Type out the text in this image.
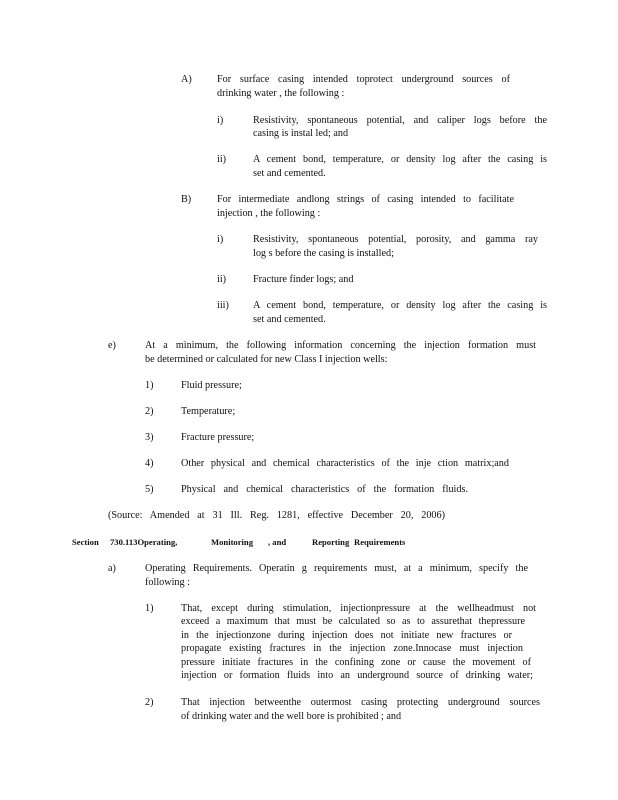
A) For surface casing intended toprotect underground sources of
drinking water , the following :
i)	Resistivity, spontaneous potential, and caliper logs before the
casing is instal led; and
ii)	A cement bond, temperature, or density log after the casing is
set and cemented.
B)	For intermediate andlong strings of casing intended to facilitate
injection , the following :
i)	Resistivity, spontaneous potential, porosity, and gamma ray
log s before the casing is installed;
ii)	Fracture finder logs; and
iii) A cement bond, temperature, or density log after the casing is
set and cemented.
e)	At a minimum, the following information concerning the injection formation must
be determined or calculated for new Class I injection wells:
1)	Fluid pressure;
2)	Temperature;
3)	Fracture pressure;
4)	Other physical and chemical characteristics of the inje ction matrix;and
5)	Physical and chemical characteristics of the formation fluids.
(Source: Amended at 31 Ill. Reg. 1281, effective December 20, 2006)
Section 730.113Operating,	Monitoring , and	Reporting Requirements
a)	Operating Requirements. Operatin g requirements must, at a minimum, specify the
following :
1)	That, except during stimulation, injectionpressure at the wellheadmust not
exceed a maximum that must be calculated so as to assurethat thepressure
in the injectionzone during injection does not initiate new fractures or
propagate existing fractures in the injection zone.Innocase must injection
pressure initiate fractures in the confining zone or cause the movement of
injection or formation fluids into an underground source of drinking water;
2)	That injection betweenthe outermost casing protecting underground sources
of drinking water and the well bore is prohibited ; and
